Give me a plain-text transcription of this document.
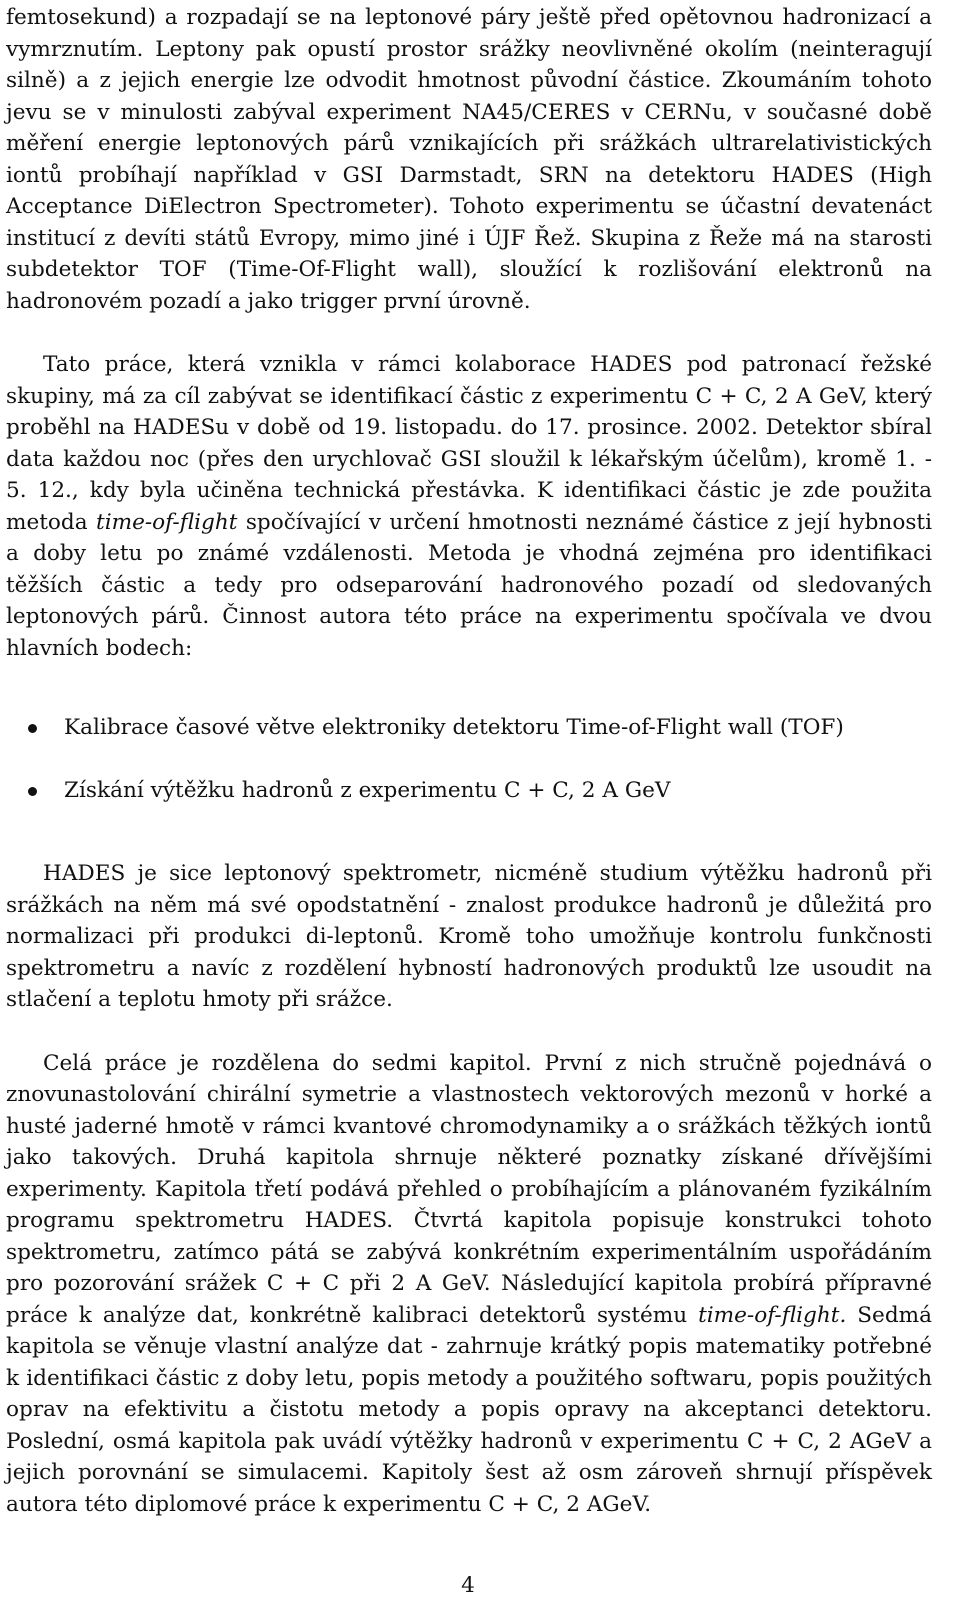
femtosekund) a rozpadají se na leptonové páry ještě před opětovnou hadronizací a vymrznutím. Leptony pak opustí prostor srážky neovlivněné okolím (neinteragují silně) a z jejich energie lze odvodit hmotnost původní částice. Zkoumáním tohoto jevu se v minulosti zabýval experiment NA45/CERES v CERNu, v současné době měření energie leptonových párů vznikajících při srážkách ultrarelativistických iontů probíhají například v GSI Darmstadt, SRN na detektoru HADES (High Acceptance DiElectron Spectrometer). Tohoto experimentu se účastní devatenáct institucí z devíti států Evropy, mimo jiné i ÚJF Řež. Skupina z Řeže má na starosti subdetektor TOF (Time-Of-Flight wall), sloužící k rozlišování elektronů na hadronovém pozadí a jako trigger první úrovně.

Tato práce, která vznikla v rámci kolaborace HADES pod patronací řežské skupiny, má za cíl zabývat se identifikací částic z experimentu C + C, 2 A GeV, který proběhl na HADESu v době od 19. listopadu. do 17. prosince. 2002. Detektor sbíral data každou noc (přes den urychlovač GSI sloužil k lékařským účelům), kromě 1. - 5. 12., kdy byla učiněna technická přestávka. K identifikaci částic je zde použita metoda time-of-flight spočívající v určení hmotnosti neznámé částice z její hybnosti a doby letu po známé vzdálenosti. Metoda je vhodná zejména pro identifikaci těžších částic a tedy pro odseparování hadronového pozadí od sledovaných leptonových párů. Činnost autora této práce na experimentu spočívala ve dvou hlavních bodech:

Kalibrace časové větve elektroniky detektoru Time-of-Flight wall (TOF)
Získání výtěžku hadronů z experimentu C + C, 2 A GeV

HADES je sice leptonový spektrometr, nicméně studium výtěžku hadronů při srážkách na něm má své opodstatnění - znalost produkce hadronů je důležitá pro normalizaci při produkci di-leptonů. Kromě toho umožňuje kontrolu funkčnosti spektrometru a navíc z rozdělení hybností hadronových produktů lze usoudit na stlačení a teplotu hmoty při srážce.

Celá práce je rozdělena do sedmi kapitol. První z nich stručně pojednává o znovunastolování chirální symetrie a vlastnostech vektorových mezonů v horké a husté jaderné hmotě v rámci kvantové chromodynamiky a o srážkách těžkých iontů jako takových. Druhá kapitola shrnuje některé poznatky získané dřívějšími experimenty. Kapitola třetí podává přehled o probíhajícím a plánovaném fyzikálním programu spektrometru HADES. Čtvrtá kapitola popisuje konstrukci tohoto spektrometru, zatímco pátá se zabývá konkrétním experimentálním uspořádáním pro pozorování srážek C + C při 2 A GeV. Následující kapitola probírá přípravné práce k analýze dat, konkrétně kalibraci detektorů systému time-of-flight. Sedmá kapitola se věnuje vlastní analýze dat - zahrnuje krátký popis matematiky potřebné k identifikaci částic z doby letu, popis metody a použitého softwaru, popis použitých oprav na efektivitu a čistotu metody a popis opravy na akceptanci detektoru. Poslední, osmá kapitola pak uvádí výtěžky hadronů v experimentu C + C, 2 AGeV a jejich porovnání se simulacemi. Kapitoly šest až osm zároveň shrnují příspěvek autora této diplomové práce k experimentu C + C, 2 AGeV.

4
